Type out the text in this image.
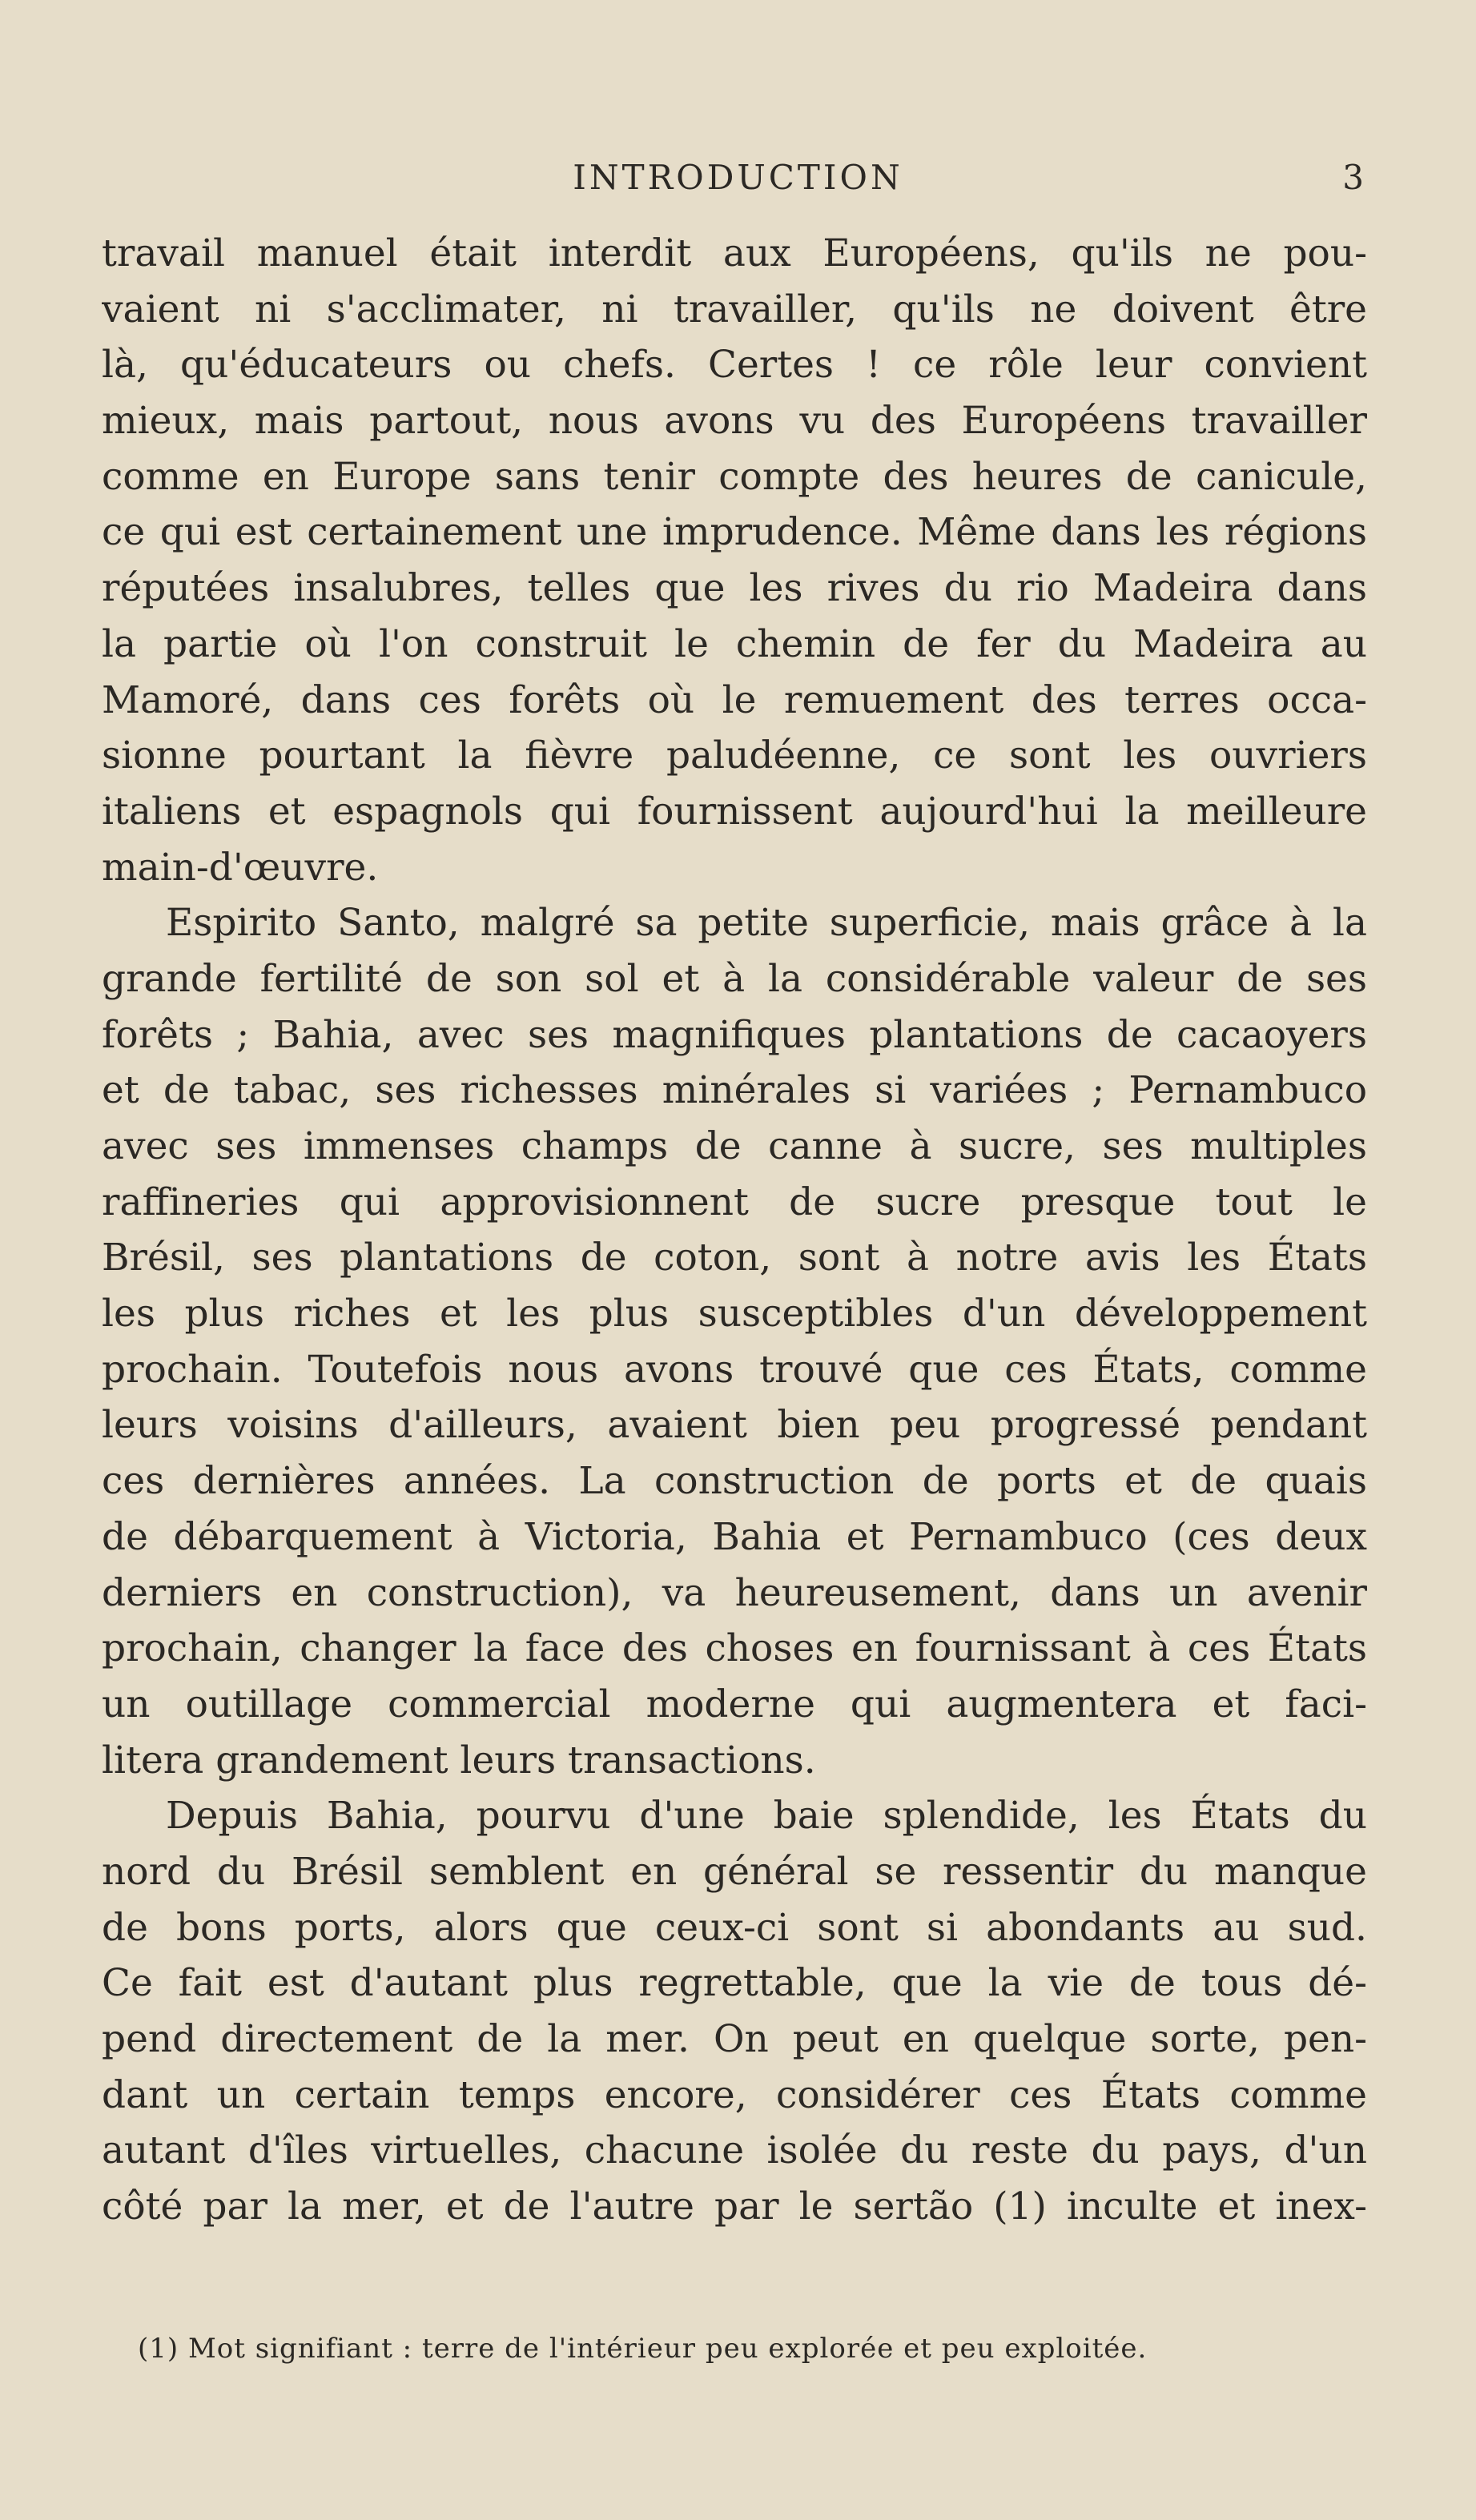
INTRODUCTION	3
travail manuel était interdit aux Européens, qu'ils ne pou-
vaient ni s'acclimater, ni travailler, qu'ils ne doivent être
là, qu'éducateurs ou chefs. Certes ! ce rôle leur convient
mieux, mais partout, nous avons vu des Européens travailler
comme en Europe sans tenir compte des heures de canicule,
ce qui est certainement une imprudence. Même dans les régions
réputées insalubres, telles que les rives du rio Madeira dans
la partie où l'on construit le chemin de fer du Madeira au
Mamoré, dans ces forêts où le remuement des terres occa-
sionne pourtant la fièvre paludéenne, ce sont les ouvriers
italiens et espagnols qui fournissent aujourd'hui la meilleure
main-d'œuvre.
Espirito Santo, malgré sa petite superficie, mais grâce à la
grande fertilité de son sol et à la considérable valeur de ses
forêts ; Bahia, avec ses magnifiques plantations de cacaoyers
et de tabac, ses richesses minérales si variées ; Pernambuco
avec ses immenses champs de canne à sucre, ses multiples
raffineries qui approvisionnent de sucre presque tout le
Brésil, ses plantations de coton, sont à notre avis les États
les plus riches et les plus susceptibles d'un développement
prochain. Toutefois nous avons trouvé que ces États, comme
leurs voisins d'ailleurs, avaient bien peu progressé pendant
ces dernières années. La construction de ports et de quais
de débarquement à Victoria, Bahia et Pernambuco (ces deux
derniers en construction), va heureusement, dans un avenir
prochain, changer la face des choses en fournissant à ces États
un outillage commercial moderne qui augmentera et faci-
litera grandement leurs transactions.
Depuis Bahia, pourvu d'une baie splendide, les États du
nord du Brésil semblent en général se ressentir du manque
de bons ports, alors que ceux-ci sont si abondants au sud.
Ce fait est d'autant plus regrettable, que la vie de tous dé-
pend directement de la mer. On peut en quelque sorte, pen-
dant un certain temps encore, considérer ces États comme
autant d'îles virtuelles, chacune isolée du reste du pays, d'un
côté par la mer, et de l'autre par le sertão (1) inculte et inex-
(1) Mot signifiant : terre de l'intérieur peu explorée et peu exploitée.
